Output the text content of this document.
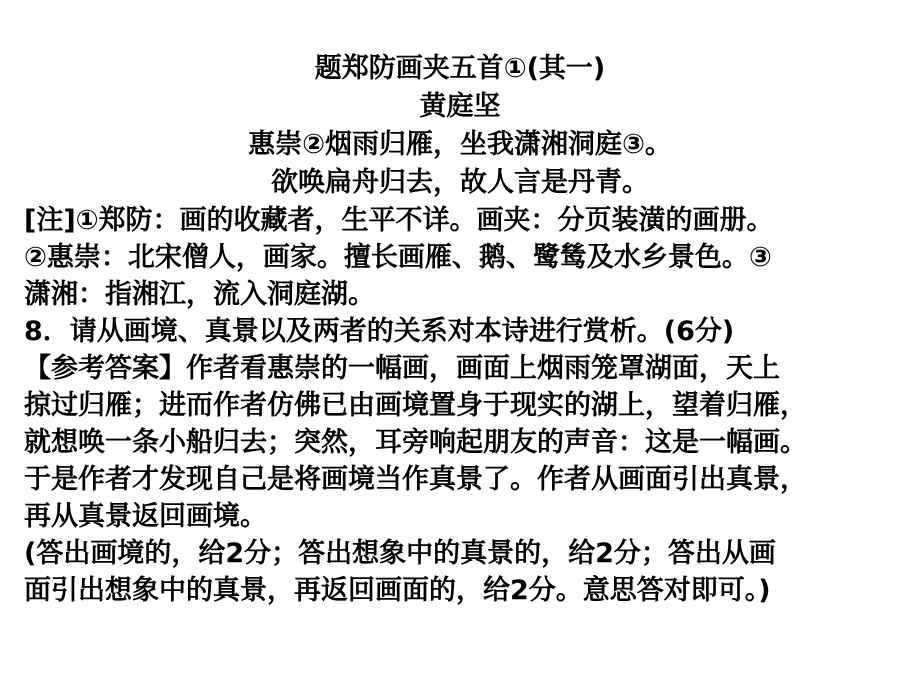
题郑防画夹五首①(其一)
黄庭坚
惠崇②烟雨归雁，坐我潇湘洞庭③。
欲唤扁舟归去，故人言是丹青。
[注]①郑防：画的收藏者，生平不详。画夹：分页装潢的画册。
②惠崇：北宋僧人，画家。擅长画雁、鹅、鹭鸶及水乡景色。③
潇湘：指湘江，流入洞庭湖。
8．请从画境、真景以及两者的关系对本诗进行赏析。(6分)
【参考答案】作者看惠崇的一幅画，画面上烟雨笼罩湖面，天上
掠过归雁；进而作者仿佛已由画境置身于现实的湖上，望着归雁，
就想唤一条小船归去；突然，耳旁响起朋友的声音：这是一幅画。
于是作者才发现自己是将画境当作真景了。作者从画面引出真景，
再从真景返回画境。
(答出画境的，给2分；答出想象中的真景的，给2分；答出从画
面引出想象中的真景，再返回画面的，给2分。意思答对即可。)
